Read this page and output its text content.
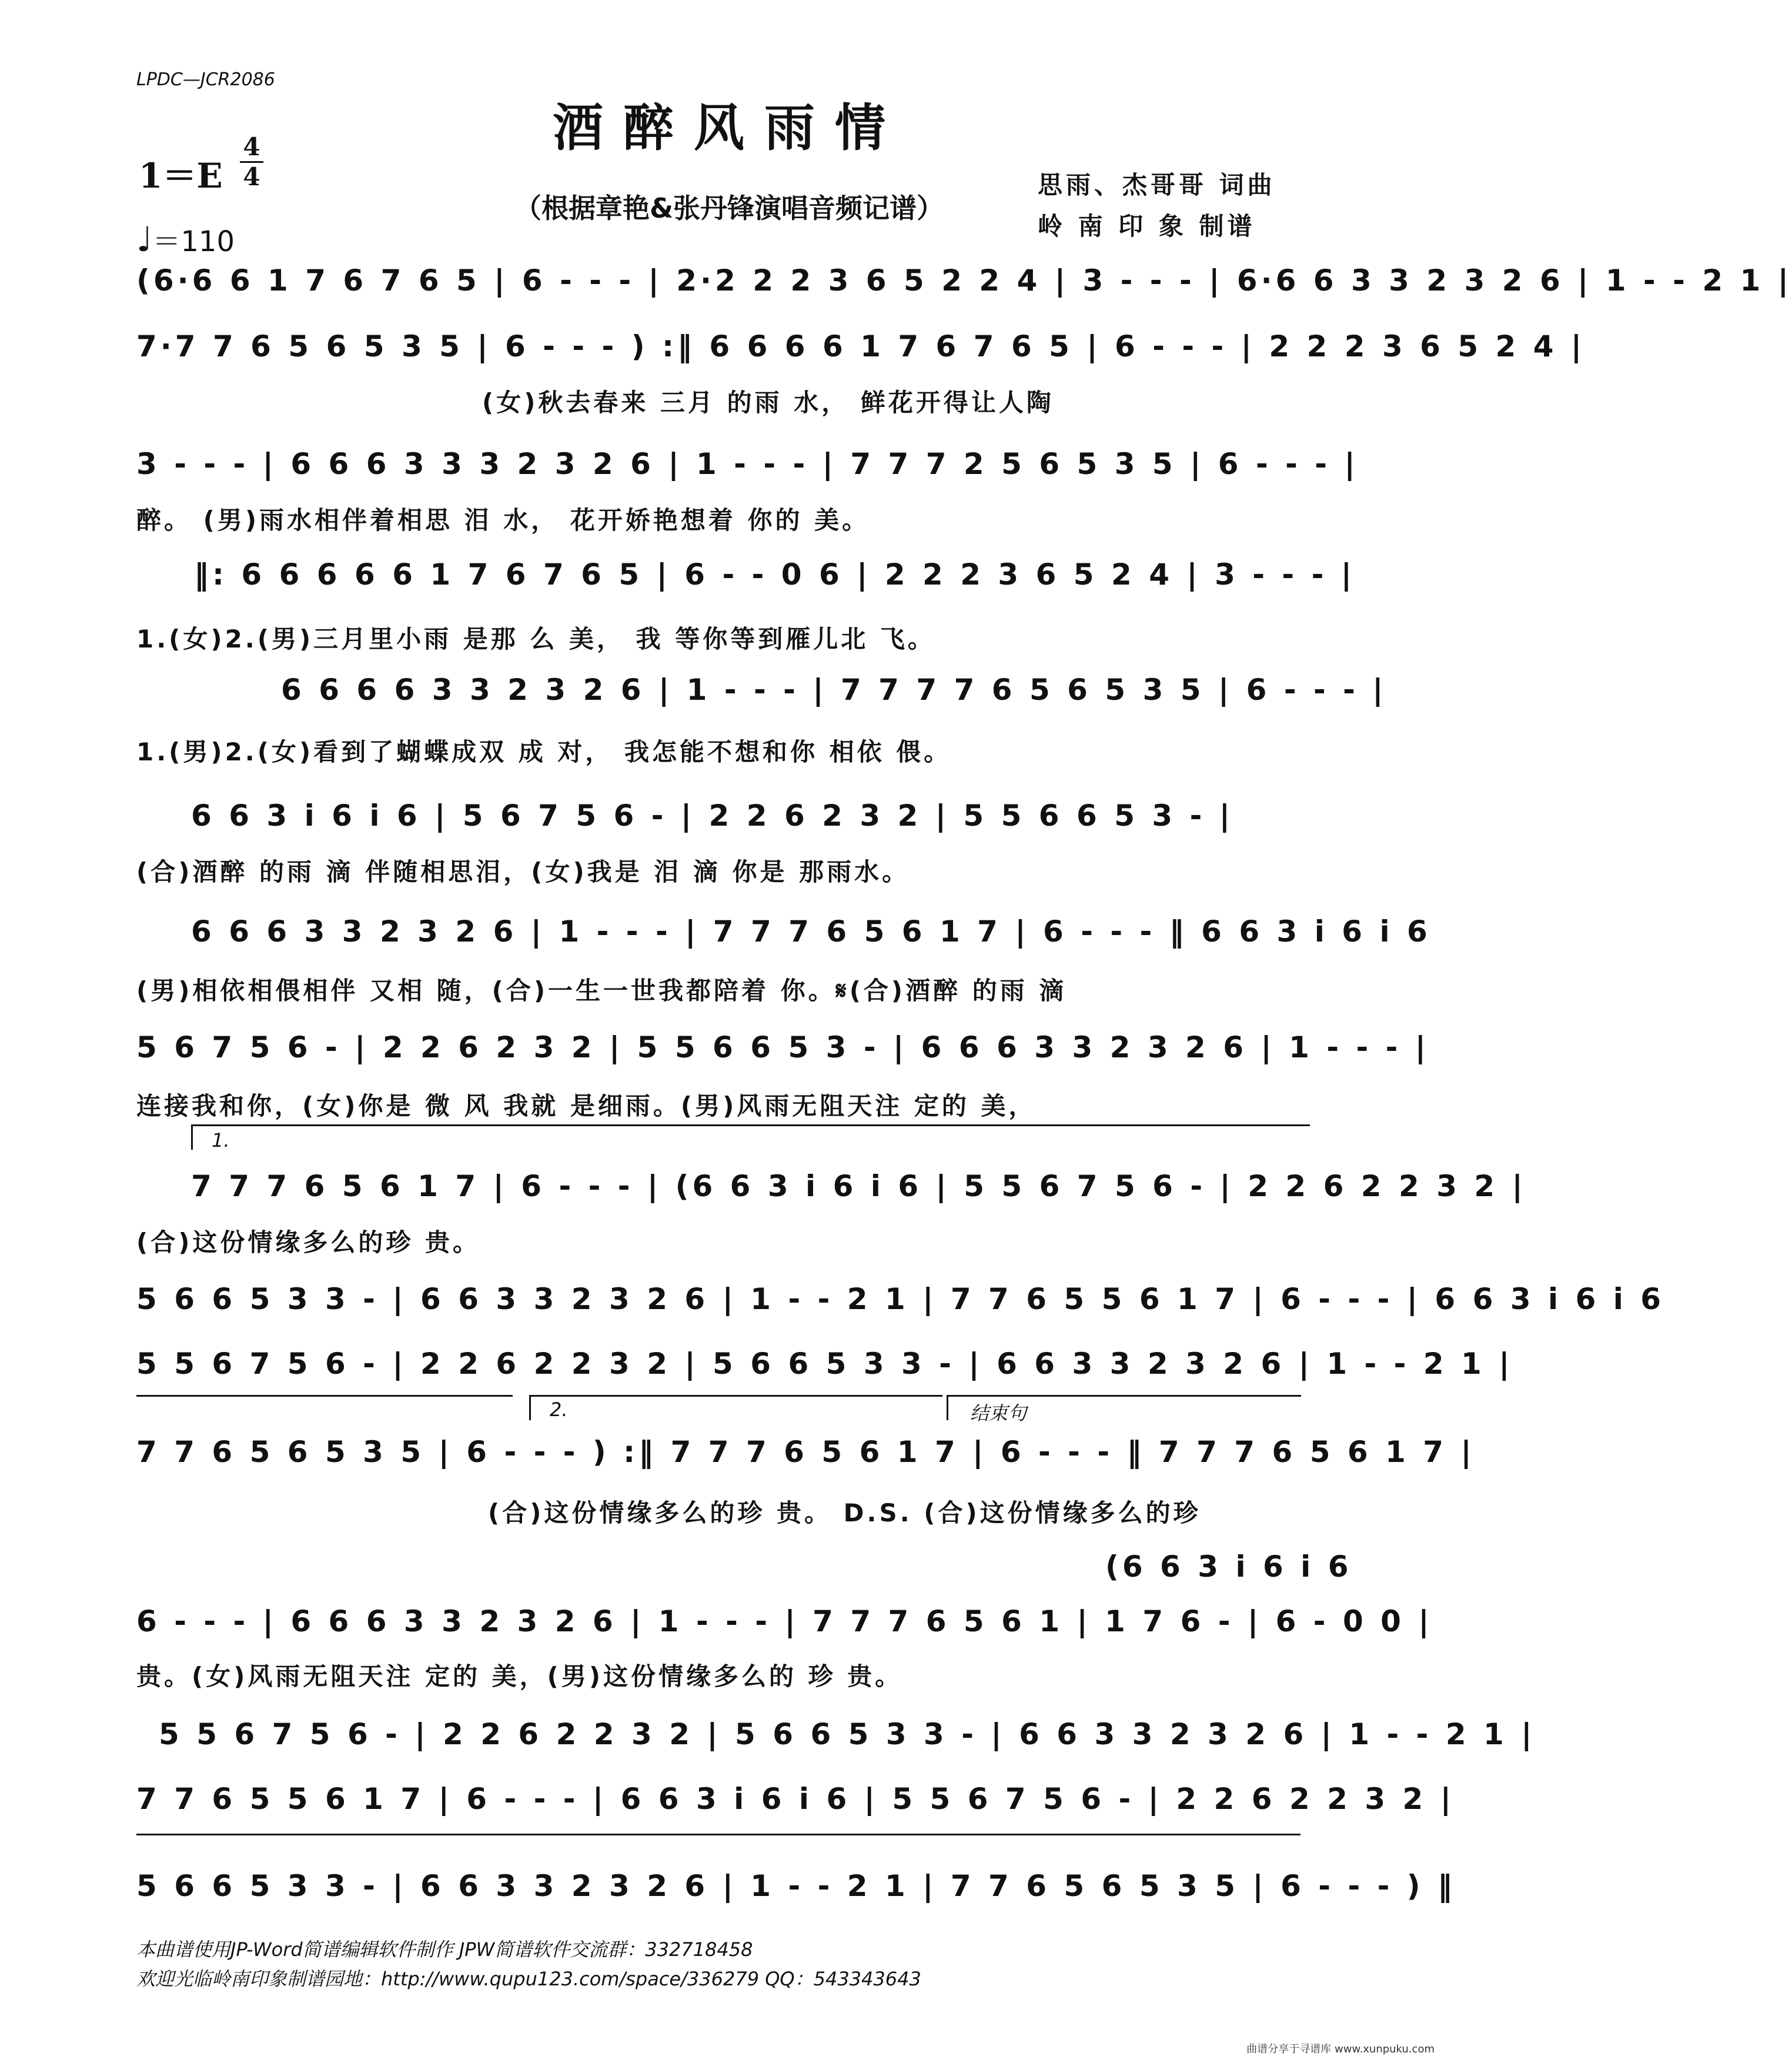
LPDC—JCR2086
酒醉风雨情
1＝E
4
4
（根据章艳&张丹锋演唱音频记谱）
思雨、杰哥哥 词曲
岭 南 印 象 制谱
♩＝110
(6·6 6 1 7 6 7 6 5 | 6 - - - | 2·2 2 2 3 6 5 2 2 4 | 3 - - - | 6·6 6 3 3 2 3 2 6 | 1 - - 2 1 |
7·7 7 6 5 6 5 3 5 | 6 - - - ) :‖ 6 6 6 6 1 7 6 7 6 5 | 6 - - - | 2 2 2 3 6 5 2 4 |
(女)秋去春来 三月 的雨 水， 鲜花开得让人陶
3 - - - | 6 6 6 3 3 3 2 3 2 6 | 1 - - - | 7 7 7 2 5 6 5 3 5 | 6 - - - |
醉。 (男)雨水相伴着相思 泪 水， 花开娇艳想着 你的 美。
‖: 6 6 6 6 6 1 7 6 7 6 5 | 6 - - 0 6 | 2 2 2 3 6 5 2 4 | 3 - - - |
1.(女)2.(男)三月里小雨 是那 么 美， 我 等你等到雁儿北 飞。
6 6 6 6 3 3 2 3 2 6 | 1 - - - | 7 7 7 7 6 5 6 5 3 5 | 6 - - - |
1.(男)2.(女)看到了蝴蝶成双 成 对， 我怎能不想和你 相依 偎。
6 6 3 i 6 i 6 | 5 6 7 5 6 - | 2 2 6 2 3 2 | 5 5 6 6 5 3 - |
(合)酒醉 的雨 滴 伴随相思泪，(女)我是 泪 滴 你是 那雨水。
6 6 6 3 3 2 3 2 6 | 1 - - - | 7 7 7 6 5 6 1 7 | 6 - - - ‖ 6 6 3 i 6 i 6
(男)相依相偎相伴 又相 随，(合)一生一世我都陪着 你。𝄋(合)酒醉 的雨 滴
5 6 7 5 6 - | 2 2 6 2 3 2 | 5 5 6 6 5 3 - | 6 6 6 3 3 2 3 2 6 | 1 - - - |
连接我和你，(女)你是 微 风 我就 是细雨。(男)风雨无阻天注 定的 美，
1.
7 7 7 6 5 6 1 7 | 6 - - - | (6 6 3 i 6 i 6 | 5 5 6 7 5 6 - | 2 2 6 2 2 3 2 |
(合)这份情缘多么的珍 贵。
5 6 6 5 3 3 - | 6 6 3 3 2 3 2 6 | 1 - - 2 1 | 7 7 6 5 5 6 1 7 | 6 - - - | 6 6 3 i 6 i 6
5 5 6 7 5 6 - | 2 2 6 2 2 3 2 | 5 6 6 5 3 3 - | 6 6 3 3 2 3 2 6 | 1 - - 2 1 |
2.	结束句
7 7 6 5 6 5 3 5 | 6 - - - ) :‖ 7 7 7 6 5 6 1 7 | 6 - - - ‖ 7 7 7 6 5 6 1 7 |
(合)这份情缘多么的珍 贵。 D.S. (合)这份情缘多么的珍
(6 6 3 i 6 i 6
6 - - - | 6 6 6 3 3 2 3 2 6 | 1 - - - | 7 7 7 6 5 6 1 | 1 7 6 - | 6 - 0 0 |
贵。(女)风雨无阻天注 定的 美，(男)这份情缘多么的 珍 贵。
5 5 6 7 5 6 - | 2 2 6 2 2 3 2 | 5 6 6 5 3 3 - | 6 6 3 3 2 3 2 6 | 1 - - 2 1 |
7 7 6 5 5 6 1 7 | 6 - - - | 6 6 3 i 6 i 6 | 5 5 6 7 5 6 - | 2 2 6 2 2 3 2 |
5 6 6 5 3 3 - | 6 6 3 3 2 3 2 6 | 1 - - 2 1 | 7 7 6 5 6 5 3 5 | 6 - - - ) ‖
本曲谱使用JP-Word简谱编辑软件制作 JPW简谱软件交流群：332718458
欢迎光临岭南印象制谱园地：http://www.qupu123.com/space/336279 QQ：543343643
曲谱分享于寻谱库 www.xunpuku.com
